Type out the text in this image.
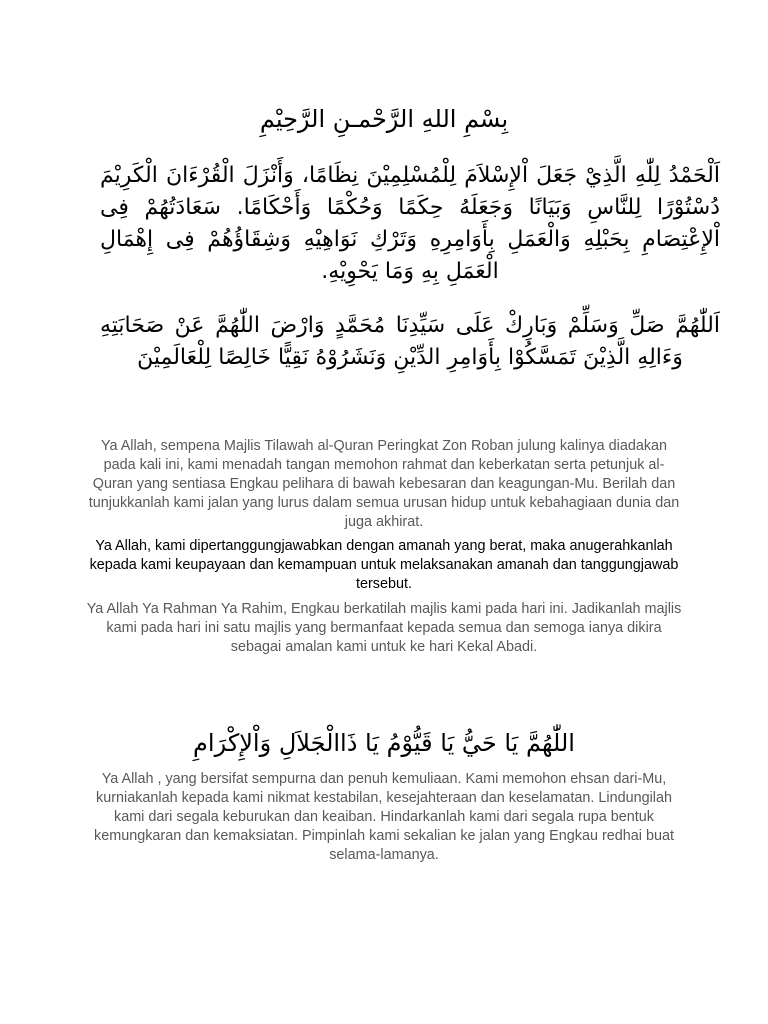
بِسْمِ اللهِ الرَّحْمـنِ الرَّحِيْمِ
اَلْحَمْدُ لِلّٰهِ الَّذِيْ جَعَلَ اْلإِسْلاَمَ لِلْمُسْلِمِيْنَ نِظَامًا، وَأَنْزَلَ الْقُرْءَانَ الْكَرِيْمَ دُسْتُوْرًا لِلنَّاسِ وَبَيَانًا وَجَعَلَهُ حِكَمًا وَحُكْمًا وَأَحْكَامًا. سَعَادَتُهُمْ فِى اْلإِعْتِصَامِ بِحَبْلِهِ وَالْعَمَلِ بِأَوَامِرِهِ وَتَرْكِ نَوَاهِيْهِ وَشِقَاؤُهُمْ فِى إِهْمَالِ الْعَمَلِ بِهِ وَمَا يَحْوِيْهِ.
اَللّٰهُمَّ صَلِّ وَسَلِّمْ وَبَارِكْ عَلَى سَيِّدِنَا مُحَمَّدٍ وَارْضَ اللّٰهُمَّ عَنْ صَحَابَتِهِ وَءَالِهِ الَّذِيْنَ تَمَسَّكُوْا بِأَوَامِرِ الدِّيْنِ وَنَشَرُوْهُ نَقِيًّا خَالِصًا لِلْعَالَمِيْنَ
Ya Allah, sempena Majlis Tilawah al-Quran Peringkat Zon Roban julung kalinya diadakan pada kali ini, kami menadah tangan memohon rahmat dan keberkatan serta petunjuk al-Quran yang sentiasa Engkau pelihara di bawah kebesaran dan keagungan-Mu. Berilah dan tunjukkanlah kami jalan yang lurus dalam semua urusan hidup untuk kebahagiaan dunia dan juga akhirat.
Ya Allah, kami dipertanggungjawabkan dengan amanah yang berat, maka anugerahkanlah kepada kami keupayaan dan kemampuan untuk melaksanakan amanah dan tanggungjawab tersebut.
Ya Allah Ya Rahman Ya Rahim, Engkau berkatilah majlis kami pada hari ini. Jadikanlah majlis kami pada hari ini satu majlis yang bermanfaat kepada semua dan semoga ianya dikira sebagai amalan kami untuk ke hari Kekal Abadi.
اللّٰهُمَّ يَا حَيُّ يَا قَيُّوْمُ يَا ذَاالْجَلاَلِ وَاْلإِكْرَامِ
Ya Allah , yang bersifat sempurna dan penuh kemuliaan. Kami memohon ehsan dari-Mu, kurniakanlah kepada kami nikmat kestabilan, kesejahteraan dan keselamatan. Lindungilah kami dari segala keburukan dan keaiban. Hindarkanlah kami dari segala rupa bentuk kemungkaran dan kemaksiatan. Pimpinlah kami sekalian ke jalan yang Engkau redhai buat selama-lamanya.
